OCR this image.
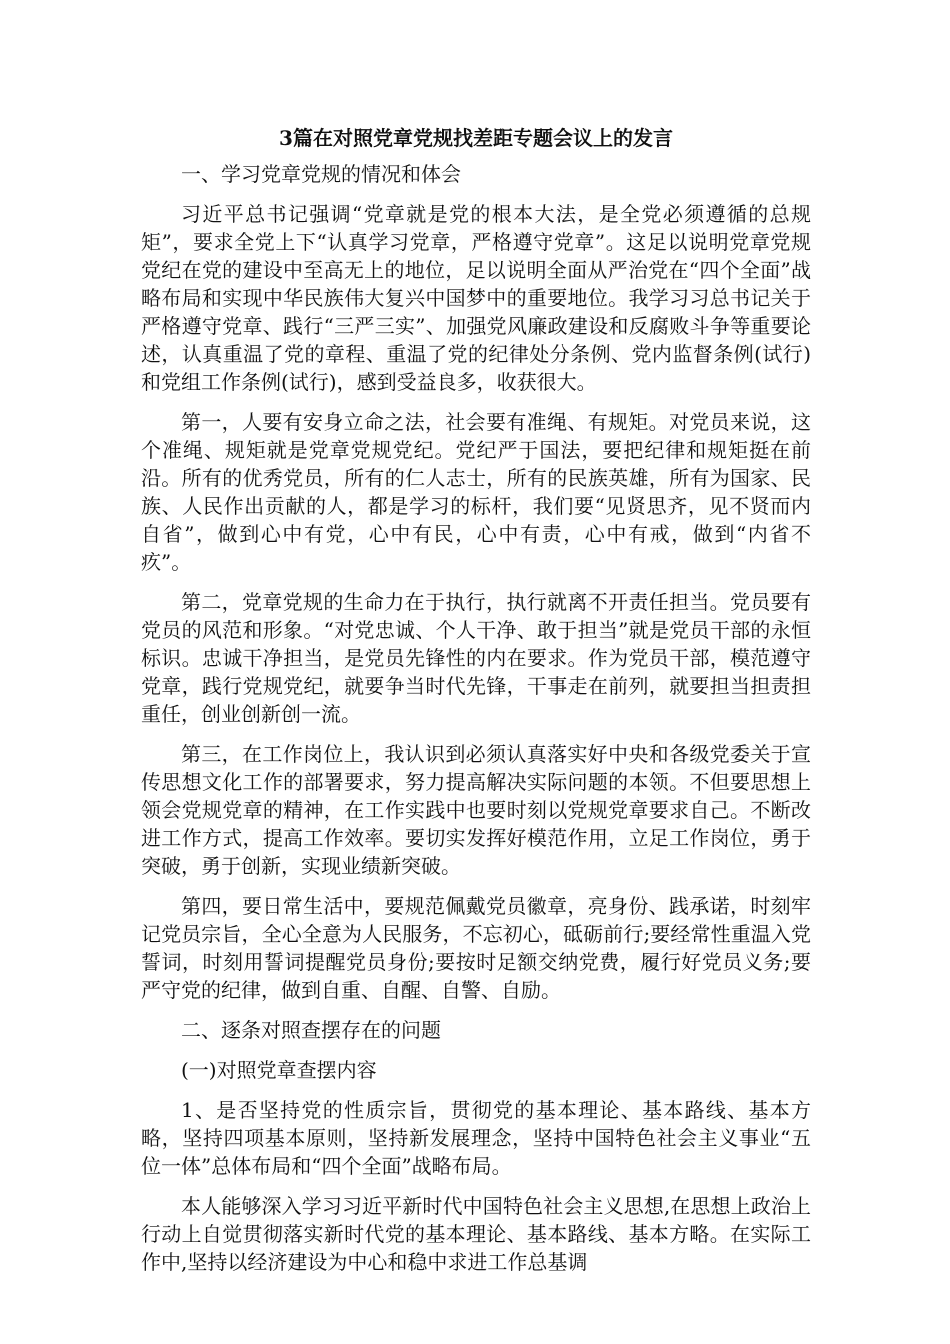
3篇在对照党章党规找差距专题会议上的发言

一、学习党章党规的情况和体会

习近平总书记强调“党章就是党的根本大法，是全党必须遵循的总规矩”，要求全党上下“认真学习党章，严格遵守党章”。这足以说明党章党规党纪在党的建设中至高无上的地位，足以说明全面从严治党在“四个全面”战略布局和实现中华民族伟大复兴中国梦中的重要地位。我学习习总书记关于严格遵守党章、践行“三严三实”、加强党风廉政建设和反腐败斗争等重要论述，认真重温了党的章程、重温了党的纪律处分条例、党内监督条例(试行)和党组工作条例(试行)，感到受益良多，收获很大。

第一，人要有安身立命之法，社会要有准绳、有规矩。对党员来说，这个准绳、规矩就是党章党规党纪。党纪严于国法，要把纪律和规矩挺在前沿。所有的优秀党员，所有的仁人志士，所有的民族英雄，所有为国家、民族、人民作出贡献的人，都是学习的标杆，我们要“见贤思齐，见不贤而内自省”，做到心中有党，心中有民，心中有责，心中有戒，做到“内省不疚”。

第二，党章党规的生命力在于执行，执行就离不开责任担当。党员要有党员的风范和形象。“对党忠诚、个人干净、敢于担当”就是党员干部的永恒标识。忠诚干净担当，是党员先锋性的内在要求。作为党员干部，模范遵守党章，践行党规党纪，就要争当时代先锋，干事走在前列，就要担当担责担重任，创业创新创一流。

第三，在工作岗位上，我认识到必须认真落实好中央和各级党委关于宣传思想文化工作的部署要求，努力提高解决实际问题的本领。不但要思想上领会党规党章的精神，在工作实践中也要时刻以党规党章要求自己。不断改进工作方式，提高工作效率。要切实发挥好模范作用，立足工作岗位，勇于突破，勇于创新，实现业绩新突破。

第四，要日常生活中，要规范佩戴党员徽章，亮身份、践承诺，时刻牢记党员宗旨，全心全意为人民服务，不忘初心，砥砺前行;要经常性重温入党誓词，时刻用誓词提醒党员身份;要按时足额交纳党费，履行好党员义务;要严守党的纪律，做到自重、自醒、自警、自励。

二、逐条对照查摆存在的问题

(一)对照党章查摆内容

1、是否坚持党的性质宗旨，贯彻党的基本理论、基本路线、基本方略，坚持四项基本原则，坚持新发展理念，坚持中国特色社会主义事业“五位一体”总体布局和“四个全面”战略布局。

本人能够深入学习习近平新时代中国特色社会主义思想,在思想上政治上行动上自觉贯彻落实新时代党的基本理论、基本路线、基本方略。在实际工作中,坚持以经济建设为中心和稳中求进工作总基调
